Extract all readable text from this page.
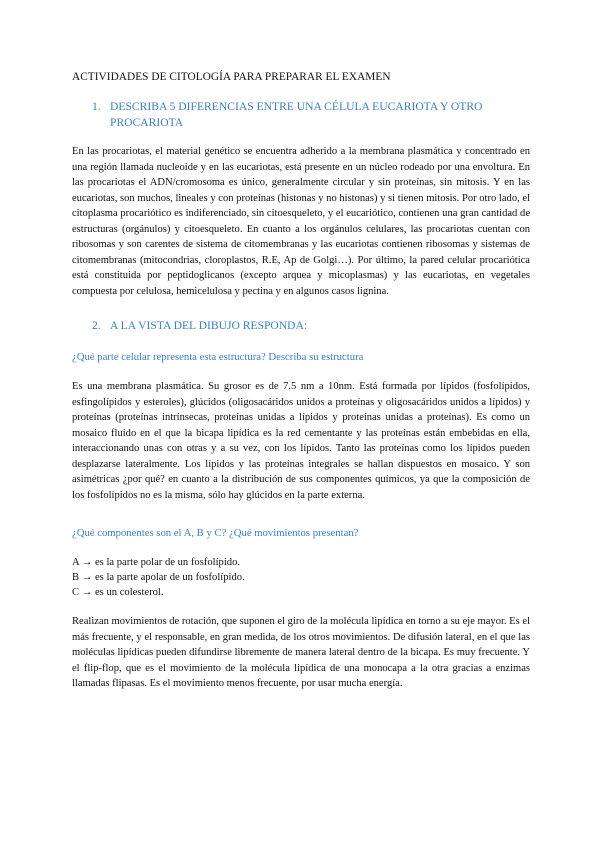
ACTIVIDADES DE CITOLOGÍA PARA PREPARAR EL EXAMEN
1. DESCRIBA 5 DIFERENCIAS ENTRE UNA CÉLULA EUCARIOTA Y OTRO PROCARIOTA
En las procariotas, el material genético se encuentra adherido a la membrana plasmática y concentrado en una región llamada nucleoide y en las eucariotas, está presente en un núcleo rodeado por una envoltura. En las procariotas el ADN/cromosoma es único, generalmente circular y sin proteínas, sin mitosis. Y en las eucariotas, son muchos, lineales y con proteínas (histonas y no histonas) y si tienen mitosis. Por otro lado, el citoplasma procariótico es indiferenciado, sin citoesqueleto, y el eucariótico, contienen una gran cantidad de estructuras (orgánulos) y citoesqueleto. En cuanto a los orgánulos celulares, las procariotas cuentan con ribosomas y son carentes de sistema de citomembranas y las eucariotas contienen ribosomas y sistemas de citomembranas (mitocondrias, cloroplastos, R.E, Ap de Golgi…). Por último, la pared celular procariótica está constituida por peptidoglicanos (excepto arquea y micoplasmas) y las eucariotas, en vegetales compuesta por celulosa, hemicelulosa y pectina y en algunos casos lignina.
2. A LA VISTA DEL DIBUJO RESPONDA:
¿Qué parte celular representa esta estructura? Describa su estructura
Es una membrana plasmática. Su grosor es de 7.5 nm a 10nm. Está formada por lípidos (fosfolípidos, esfingolípidos y esteroles), glúcidos (oligosacáridos unidos a proteínas y oligosacáridos unidos a lípidos) y proteínas (proteínas intrínsecas, proteínas unidas a lípidos y proteínas unidas a proteínas). Es como un mosaico fluido en el que la bicapa lipídica es la red cementante y las proteínas están embebidas en ella, interaccionando unas con otras y a su vez, con los lípidos. Tanto las proteínas como los lípidos pueden desplazarse lateralmente. Los lípidos y las proteínas integrales se hallan dispuestos en mosaico. Y son asimétricas ¿por qué? en cuanto a la distribución de sus componentes químicos, ya que la composición de los fosfolípidos no es la misma, sólo hay glúcidos en la parte externa.
¿Qué componentes son el A, B y C? ¿Qué movimientos presentan?
A → es la parte polar de un fosfolípido.
B → es la parte apolar de un fosfolípido.
C → es un colesterol.
Realizan movimientos de rotación, que suponen el giro de la molécula lipídica en torno a su eje mayor. Es el más frecuente, y el responsable, en gran medida, de los otros movimientos. De difusión lateral, en el que las moléculas lipídicas pueden difundirse libremente de manera lateral dentro de la bicapa. Es muy frecuente. Y el flip-flop, que es el movimiento de la molécula lipídica de una monocapa a la otra gracias a enzimas llamadas flipasas. Es el movimiento menos frecuente, por usar mucha energía.
